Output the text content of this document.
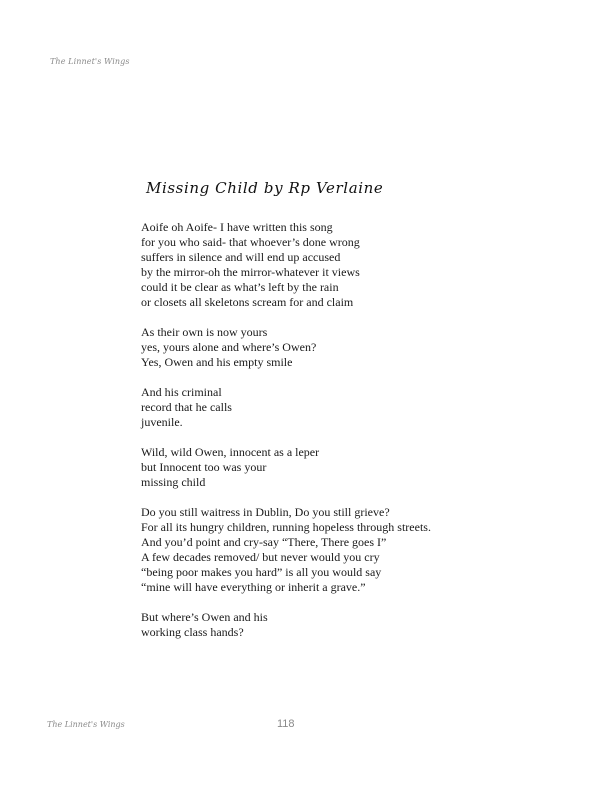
The Linnet's Wings
Missing Child by Rp Verlaine
Aoife oh Aoife- I have written this song
for you who said- that whoever’s done wrong
suffers in silence and will end up accused
by the mirror-oh the mirror-whatever it views
could it be clear as what’s left by the rain
or closets all skeletons scream for and claim
As their own is now yours
yes, yours alone and where’s Owen?
Yes, Owen and his empty smile
And his criminal
record that he calls
juvenile.
Wild, wild Owen, innocent as a leper
but Innocent too was your
missing child
Do you still waitress in Dublin, Do you still grieve?
For all its hungry children, running hopeless through streets.
And you’d point and cry-say “There, There goes I”
A few decades removed/ but never would you cry
“being poor makes you hard” is all you would say
“mine will have everything or inherit a grave.”
But where’s Owen and his
working class hands?
The Linnet's Wings	118
